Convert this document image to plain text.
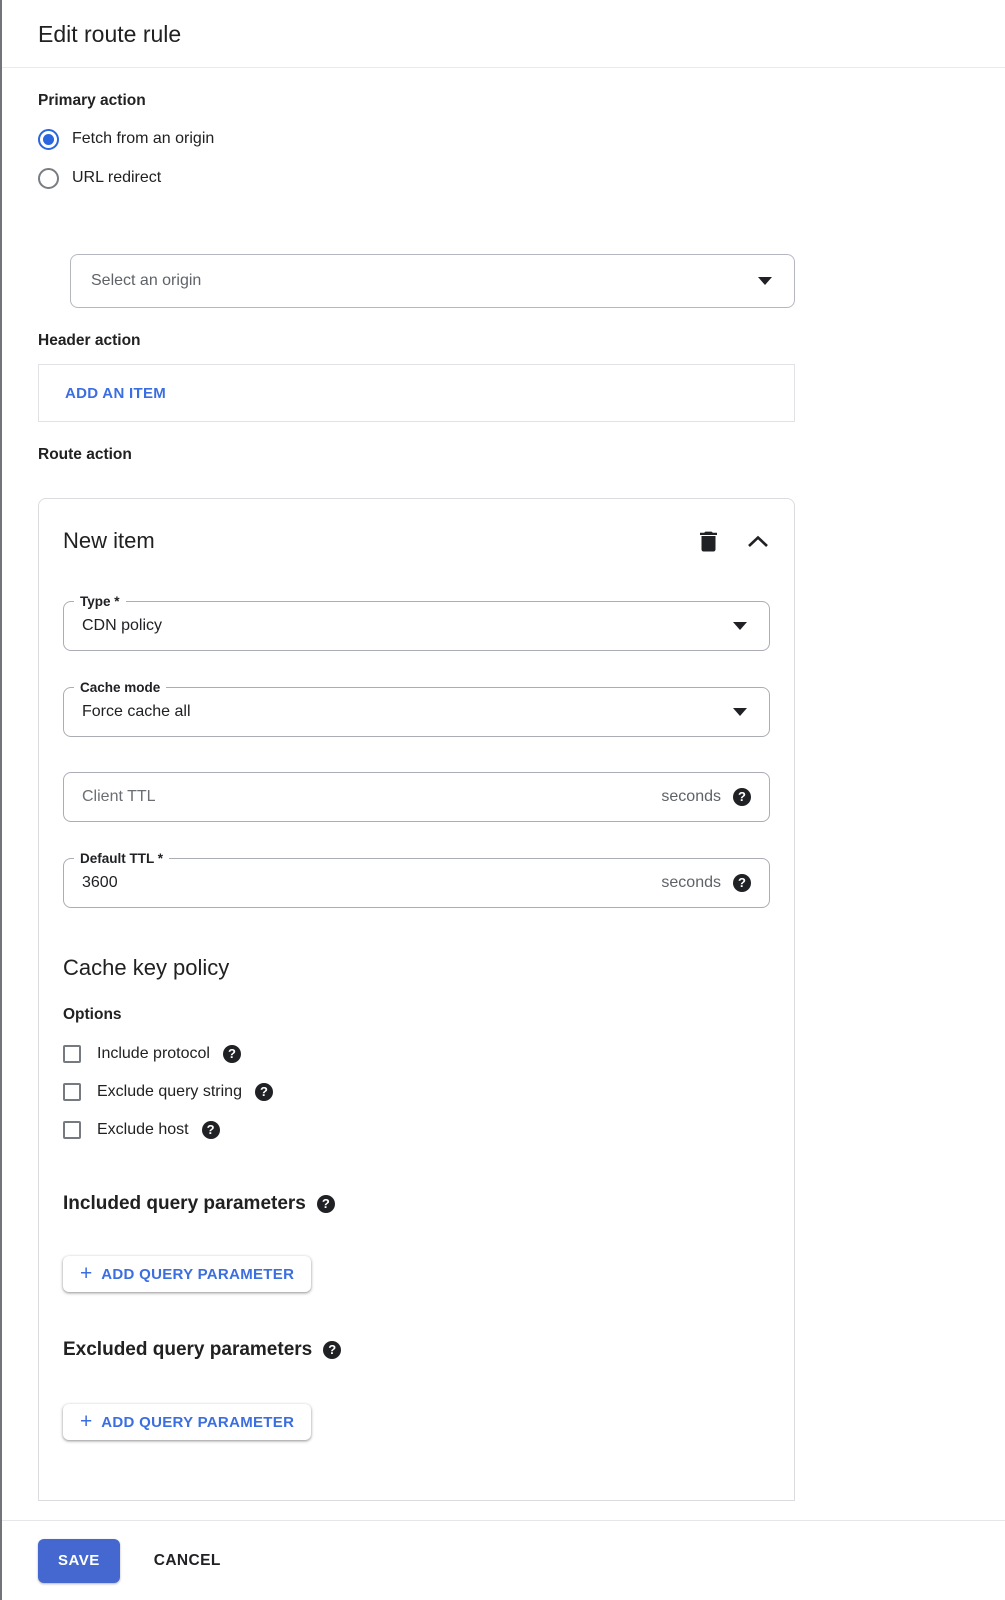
Edit route rule
Primary action
Fetch from an origin
URL redirect
Select an origin
Header action
ADD AN ITEM
Route action
New item
Type *
CDN policy
Cache mode
Force cache all
Client TTL
seconds
?
Default TTL *
3600
seconds
?
Cache key policy
Options
Include protocol
?
Exclude query string
?
Exclude host
?
Included query parameters
?
+ ADD QUERY PARAMETER
Excluded query parameters
?
+ ADD QUERY PARAMETER
SAVE	CANCEL
